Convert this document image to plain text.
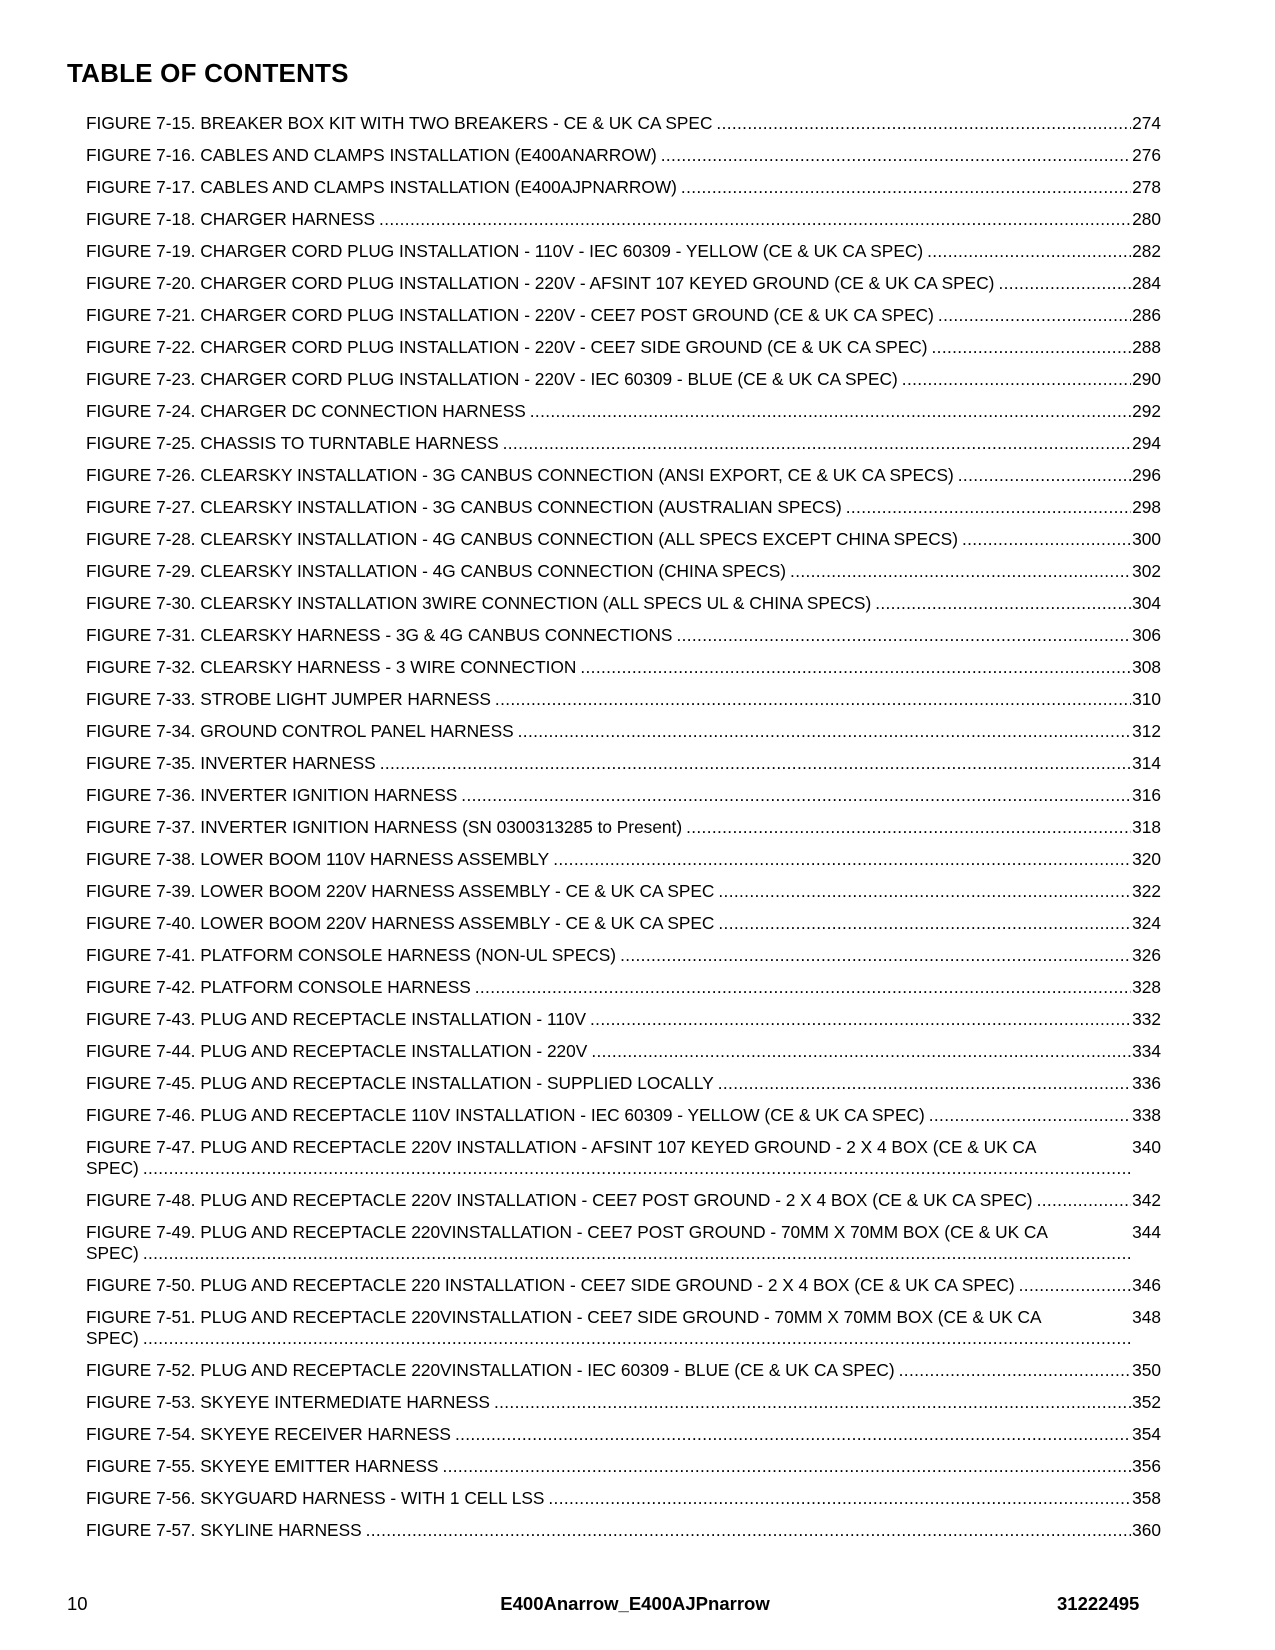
TABLE OF CONTENTS
274
FIGURE 7-15. BREAKER BOX KIT WITH TWO BREAKERS - CE & UK CA SPEC .....
276
FIGURE 7-16. CABLES AND CLAMPS INSTALLATION (E400ANARROW) .....
278
FIGURE 7-17. CABLES AND CLAMPS INSTALLATION (E400AJPNARROW) .....
280
FIGURE 7-18. CHARGER HARNESS .....
282
FIGURE 7-19. CHARGER CORD PLUG INSTALLATION - 110V - IEC 60309 - YELLOW (CE & UK CA SPEC) .....
284
FIGURE 7-20. CHARGER CORD PLUG INSTALLATION - 220V - AFSINT 107 KEYED GROUND (CE & UK CA SPEC) .....
286
FIGURE 7-21. CHARGER CORD PLUG INSTALLATION - 220V - CEE7 POST GROUND (CE & UK CA SPEC) .....
288
FIGURE 7-22. CHARGER CORD PLUG INSTALLATION - 220V - CEE7 SIDE GROUND (CE & UK CA SPEC) .....
290
FIGURE 7-23. CHARGER CORD PLUG INSTALLATION - 220V - IEC 60309 - BLUE (CE & UK CA SPEC) .....
292
FIGURE 7-24. CHARGER DC CONNECTION HARNESS .....
294
FIGURE 7-25. CHASSIS TO TURNTABLE HARNESS .....
296
FIGURE 7-26. CLEARSKY INSTALLATION - 3G CANBUS CONNECTION (ANSI EXPORT, CE & UK CA SPECS) .....
298
FIGURE 7-27. CLEARSKY INSTALLATION - 3G CANBUS CONNECTION (AUSTRALIAN SPECS) .....
300
FIGURE 7-28. CLEARSKY INSTALLATION - 4G CANBUS CONNECTION (ALL SPECS EXCEPT CHINA SPECS) .....
302
FIGURE 7-29. CLEARSKY INSTALLATION - 4G CANBUS CONNECTION (CHINA SPECS) .....
304
FIGURE 7-30. CLEARSKY INSTALLATION 3WIRE CONNECTION (ALL SPECS UL & CHINA SPECS) .....
306
FIGURE 7-31. CLEARSKY HARNESS - 3G & 4G CANBUS CONNECTIONS .....
308
FIGURE 7-32. CLEARSKY HARNESS - 3 WIRE CONNECTION .....
310
FIGURE 7-33. STROBE LIGHT JUMPER HARNESS .....
312
FIGURE 7-34. GROUND CONTROL PANEL HARNESS .....
314
FIGURE 7-35. INVERTER HARNESS .....
316
FIGURE 7-36. INVERTER IGNITION HARNESS .....
318
FIGURE 7-37. INVERTER IGNITION HARNESS (SN 0300313285 to Present) .....
320
FIGURE 7-38. LOWER BOOM 110V HARNESS ASSEMBLY .....
322
FIGURE 7-39. LOWER BOOM 220V HARNESS ASSEMBLY - CE & UK CA SPEC .....
324
FIGURE 7-40. LOWER BOOM 220V HARNESS ASSEMBLY - CE & UK CA SPEC .....
326
FIGURE 7-41. PLATFORM CONSOLE HARNESS (NON-UL SPECS) .....
328
FIGURE 7-42. PLATFORM CONSOLE HARNESS .....
332
FIGURE 7-43. PLUG AND RECEPTACLE INSTALLATION - 110V .....
334
FIGURE 7-44. PLUG AND RECEPTACLE INSTALLATION - 220V .....
336
FIGURE 7-45. PLUG AND RECEPTACLE INSTALLATION - SUPPLIED LOCALLY .....
338
FIGURE 7-46. PLUG AND RECEPTACLE 110V INSTALLATION - IEC 60309 - YELLOW (CE & UK CA SPEC) .....
340
FIGURE 7-47. PLUG AND RECEPTACLE 220V INSTALLATION - AFSINT 107 KEYED GROUND - 2 X 4 BOX (CE & UK CA SPEC) .....
342
FIGURE 7-48. PLUG AND RECEPTACLE 220V INSTALLATION - CEE7 POST GROUND - 2 X 4 BOX (CE & UK CA SPEC) .....
344
FIGURE 7-49. PLUG AND RECEPTACLE 220VINSTALLATION - CEE7 POST GROUND - 70MM X 70MM BOX (CE & UK CA SPEC) .....
346
FIGURE 7-50. PLUG AND RECEPTACLE 220 INSTALLATION - CEE7 SIDE GROUND - 2 X 4 BOX (CE & UK CA SPEC) .....
348
FIGURE 7-51. PLUG AND RECEPTACLE 220VINSTALLATION - CEE7 SIDE GROUND - 70MM X 70MM BOX (CE & UK CA SPEC) .....
350
FIGURE 7-52. PLUG AND RECEPTACLE 220VINSTALLATION - IEC 60309 - BLUE (CE & UK CA SPEC) .....
352
FIGURE 7-53. SKYEYE INTERMEDIATE HARNESS .....
354
FIGURE 7-54. SKYEYE RECEIVER HARNESS .....
356
FIGURE 7-55. SKYEYE EMITTER HARNESS .....
358
FIGURE 7-56. SKYGUARD HARNESS - WITH 1 CELL LSS .....
360
FIGURE 7-57. SKYLINE HARNESS .....
10	E400Anarrow_E400AJPnarrow	31222495
